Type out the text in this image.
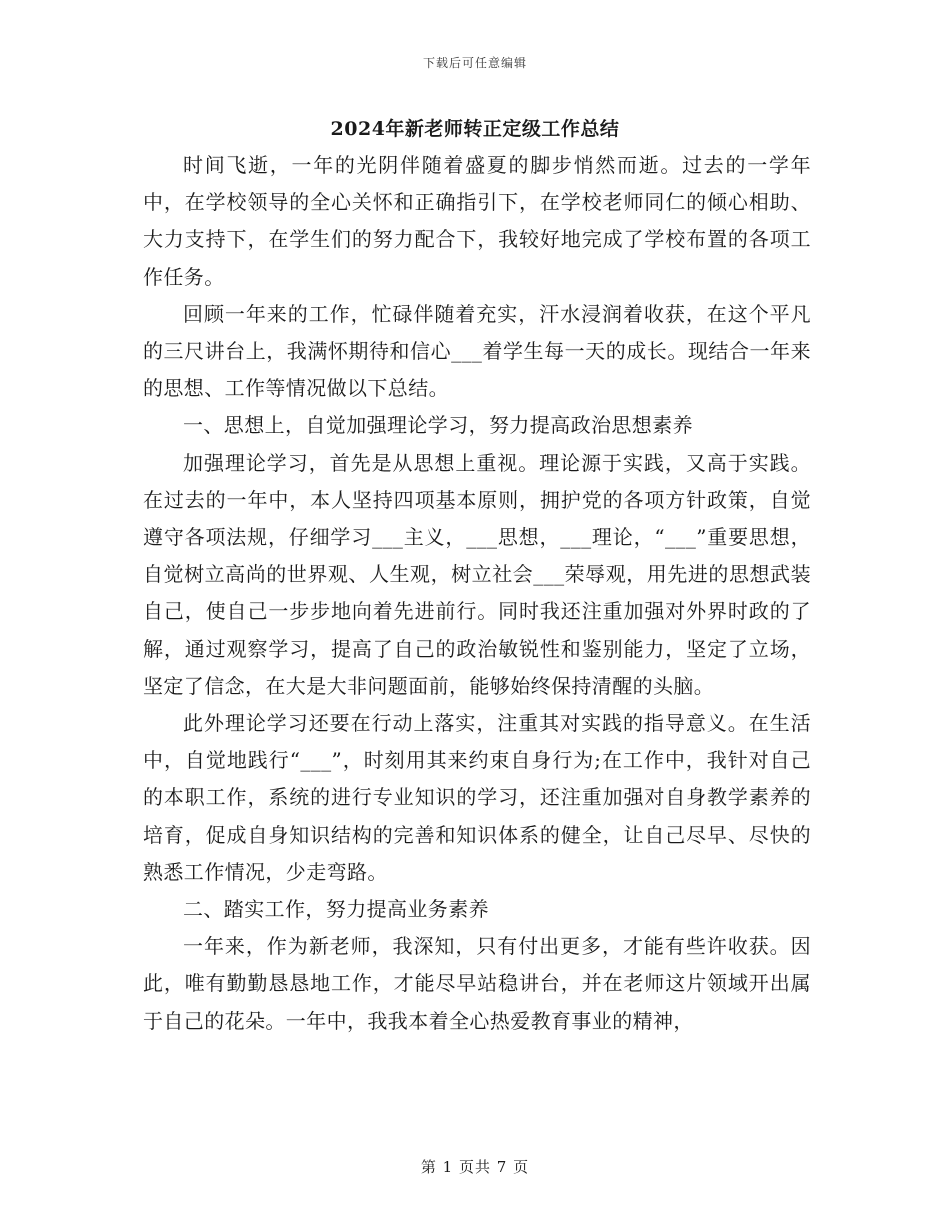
下载后可任意编辑
2024年新老师转正定级工作总结

时间飞逝，一年的光阴伴随着盛夏的脚步悄然而逝。过去的一学年中，在学校领导的全心关怀和正确指引下，在学校老师同仁的倾心相助、大力支持下，在学生们的努力配合下，我较好地完成了学校布置的各项工作任务。

回顾一年来的工作，忙碌伴随着充实，汗水浸润着收获，在这个平凡的三尺讲台上，我满怀期待和信心___着学生每一天的成长。现结合一年来的思想、工作等情况做以下总结。

一、思想上，自觉加强理论学习，努力提高政治思想素养

加强理论学习，首先是从思想上重视。理论源于实践，又高于实践。在过去的一年中，本人坚持四项基本原则，拥护党的各项方针政策，自觉遵守各项法规，仔细学习___主义，___思想，___理论，“___”重要思想，自觉树立高尚的世界观、人生观，树立社会___荣辱观，用先进的思想武装自己，使自己一步步地向着先进前行。同时我还注重加强对外界时政的了解，通过观察学习，提高了自己的政治敏锐性和鉴别能力，坚定了立场，坚定了信念，在大是大非问题面前，能够始终保持清醒的头脑。

此外理论学习还要在行动上落实，注重其对实践的指导意义。在生活中，自觉地践行“___”，时刻用其来约束自身行为;在工作中，我针对自己的本职工作，系统的进行专业知识的学习，还注重加强对自身教学素养的培育，促成自身知识结构的完善和知识体系的健全，让自己尽早、尽快的熟悉工作情况，少走弯路。

二、踏实工作，努力提高业务素养

一年来，作为新老师，我深知，只有付出更多，才能有些许收获。因此，唯有勤勤恳恳地工作，才能尽早站稳讲台，并在老师这片领域开出属于自己的花朵。一年中，我我本着全心热爱教育事业的精神，

第 1 页共 7 页
